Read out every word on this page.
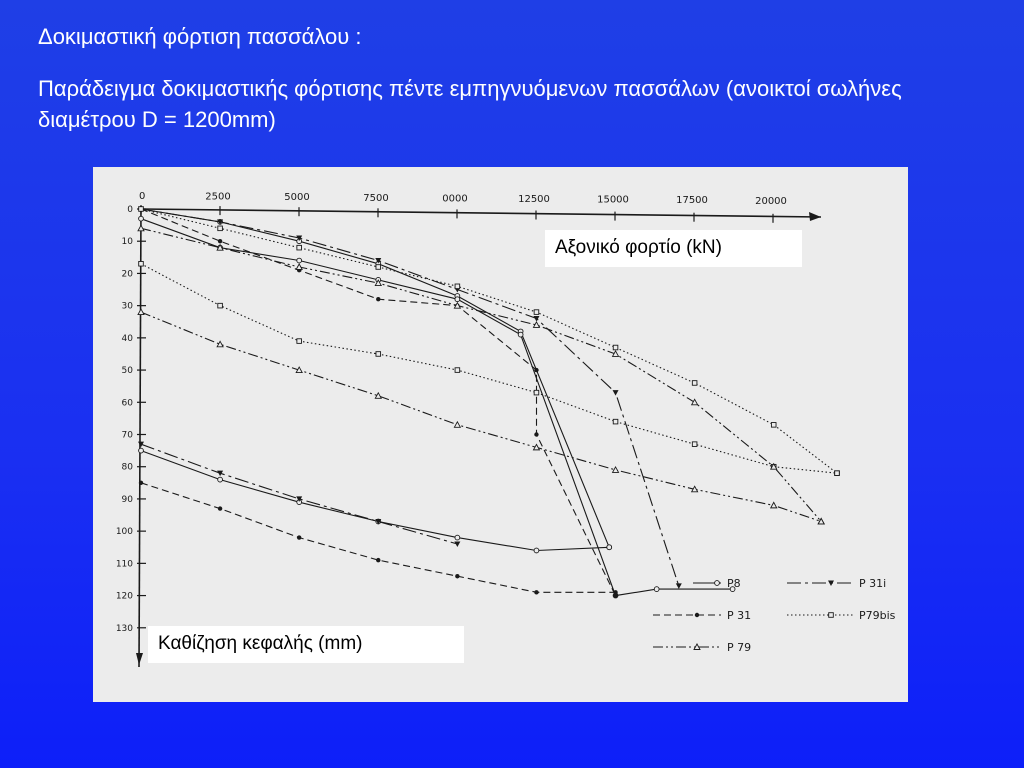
Δοκιμαστική φόρτιση πασσάλου :
Παράδειγμα δοκιμαστικής φόρτισης πέντε εμπηγνυόμενων πασσάλων (ανοικτοί σωλήνες διαμέτρου D = 1200mm)
0	2500	5000	7500	0000	12500	15000	17500	20000
0
10
20
30
40
50
60
70
80
90
100
110
120
130
P8	P 31i
P 31	P79bis
P 79
Αξονικό φορτίο (kN)
Καθίζηση κεφαλής (mm)
